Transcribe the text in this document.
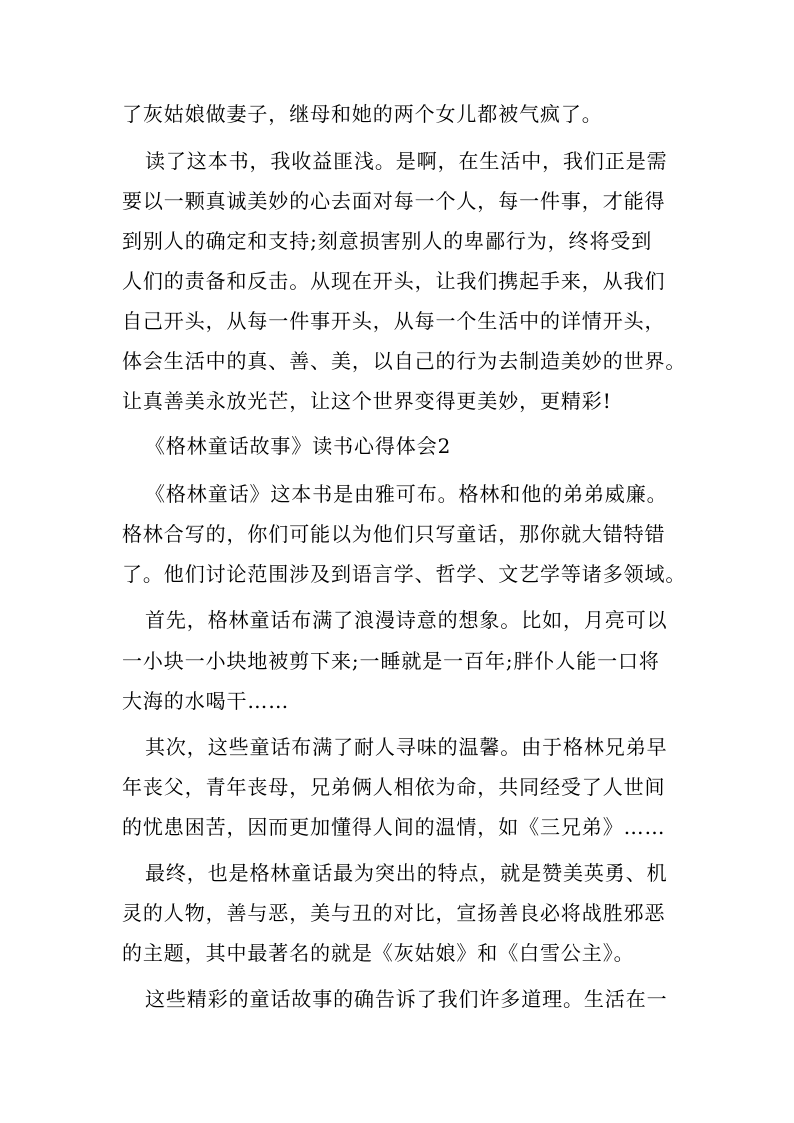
了灰姑娘做妻子，继母和她的两个女儿都被气疯了。
读了这本书，我收益匪浅。是啊，在生活中，我们正是需
要以一颗真诚美妙的心去面对每一个人，每一件事，才能得
到别人的确定和支持;刻意损害别人的卑鄙行为，终将受到
人们的责备和反击。从现在开头，让我们携起手来，从我们
自己开头，从每一件事开头，从每一个生活中的详情开头，
体会生活中的真、善、美，以自己的行为去制造美妙的世界。
让真善美永放光芒，让这个世界变得更美妙，更精彩!
《格林童话故事》读书心得体会2
《格林童话》这本书是由雅可布。格林和他的弟弟威廉。
格林合写的，你们可能以为他们只写童话，那你就大错特错
了。他们讨论范围涉及到语言学、哲学、文艺学等诸多领域。
首先，格林童话布满了浪漫诗意的想象。比如，月亮可以
一小块一小块地被剪下来;一睡就是一百年;胖仆人能一口将
大海的水喝干……
其次，这些童话布满了耐人寻味的温馨。由于格林兄弟早
年丧父，青年丧母，兄弟俩人相依为命，共同经受了人世间
的忧患困苦，因而更加懂得人间的温情，如《三兄弟》……
最终，也是格林童话最为突出的特点，就是赞美英勇、机
灵的人物，善与恶，美与丑的对比，宣扬善良必将战胜邪恶
的主题，其中最著名的就是《灰姑娘》和《白雪公主》。
这些精彩的童话故事的确告诉了我们许多道理。生活在一
